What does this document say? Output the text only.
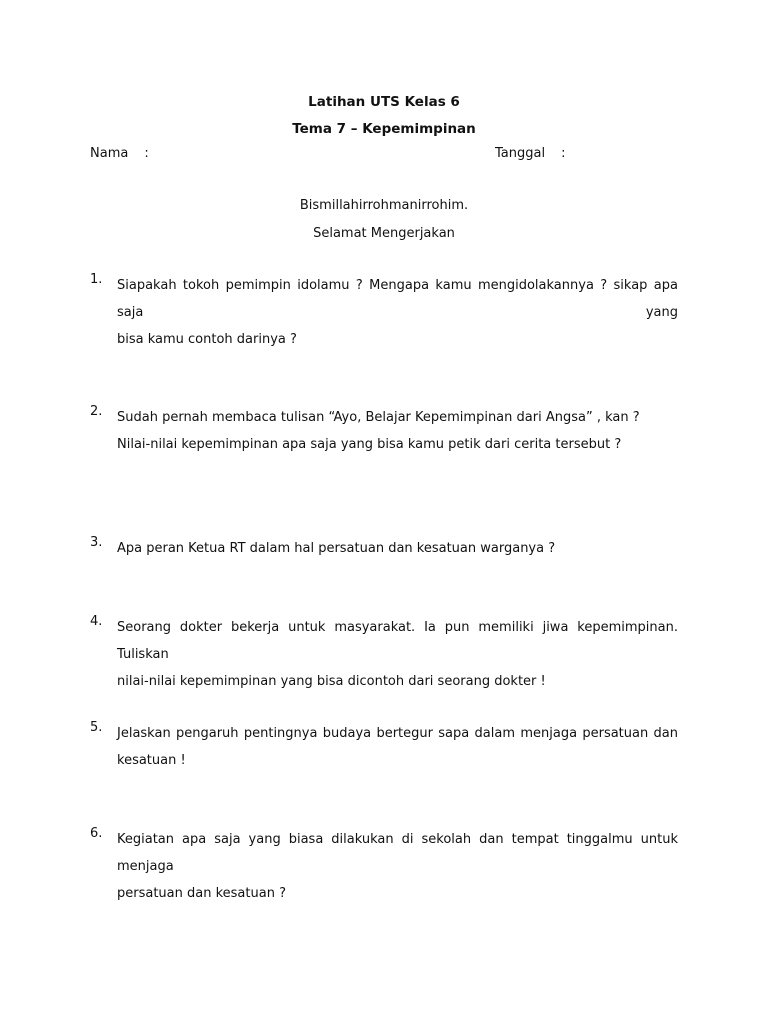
Latihan UTS Kelas 6
Tema 7 – Kepemimpinan
Nama :	Tanggal :
Bismillahirrohmanirrohim.
Selamat Mengerjakan
1. Siapakah tokoh pemimpin idolamu ? Mengapa kamu mengidolakannya ? sikap apa saja yang
bisa kamu contoh darinya ?
2. Sudah pernah membaca tulisan “Ayo, Belajar Kepemimpinan dari Angsa” , kan ?
Nilai-nilai kepemimpinan apa saja yang bisa kamu petik dari cerita tersebut ?
3. Apa peran Ketua RT dalam hal persatuan dan kesatuan warganya ?
4. Seorang dokter bekerja untuk masyarakat. Ia pun memiliki jiwa kepemimpinan. Tuliskan
nilai-nilai kepemimpinan yang bisa dicontoh dari seorang dokter !
5. Jelaskan pengaruh pentingnya budaya bertegur sapa dalam menjaga persatuan dan
kesatuan !
6. Kegiatan apa saja yang biasa dilakukan di sekolah dan tempat tinggalmu untuk menjaga
persatuan dan kesatuan ?
